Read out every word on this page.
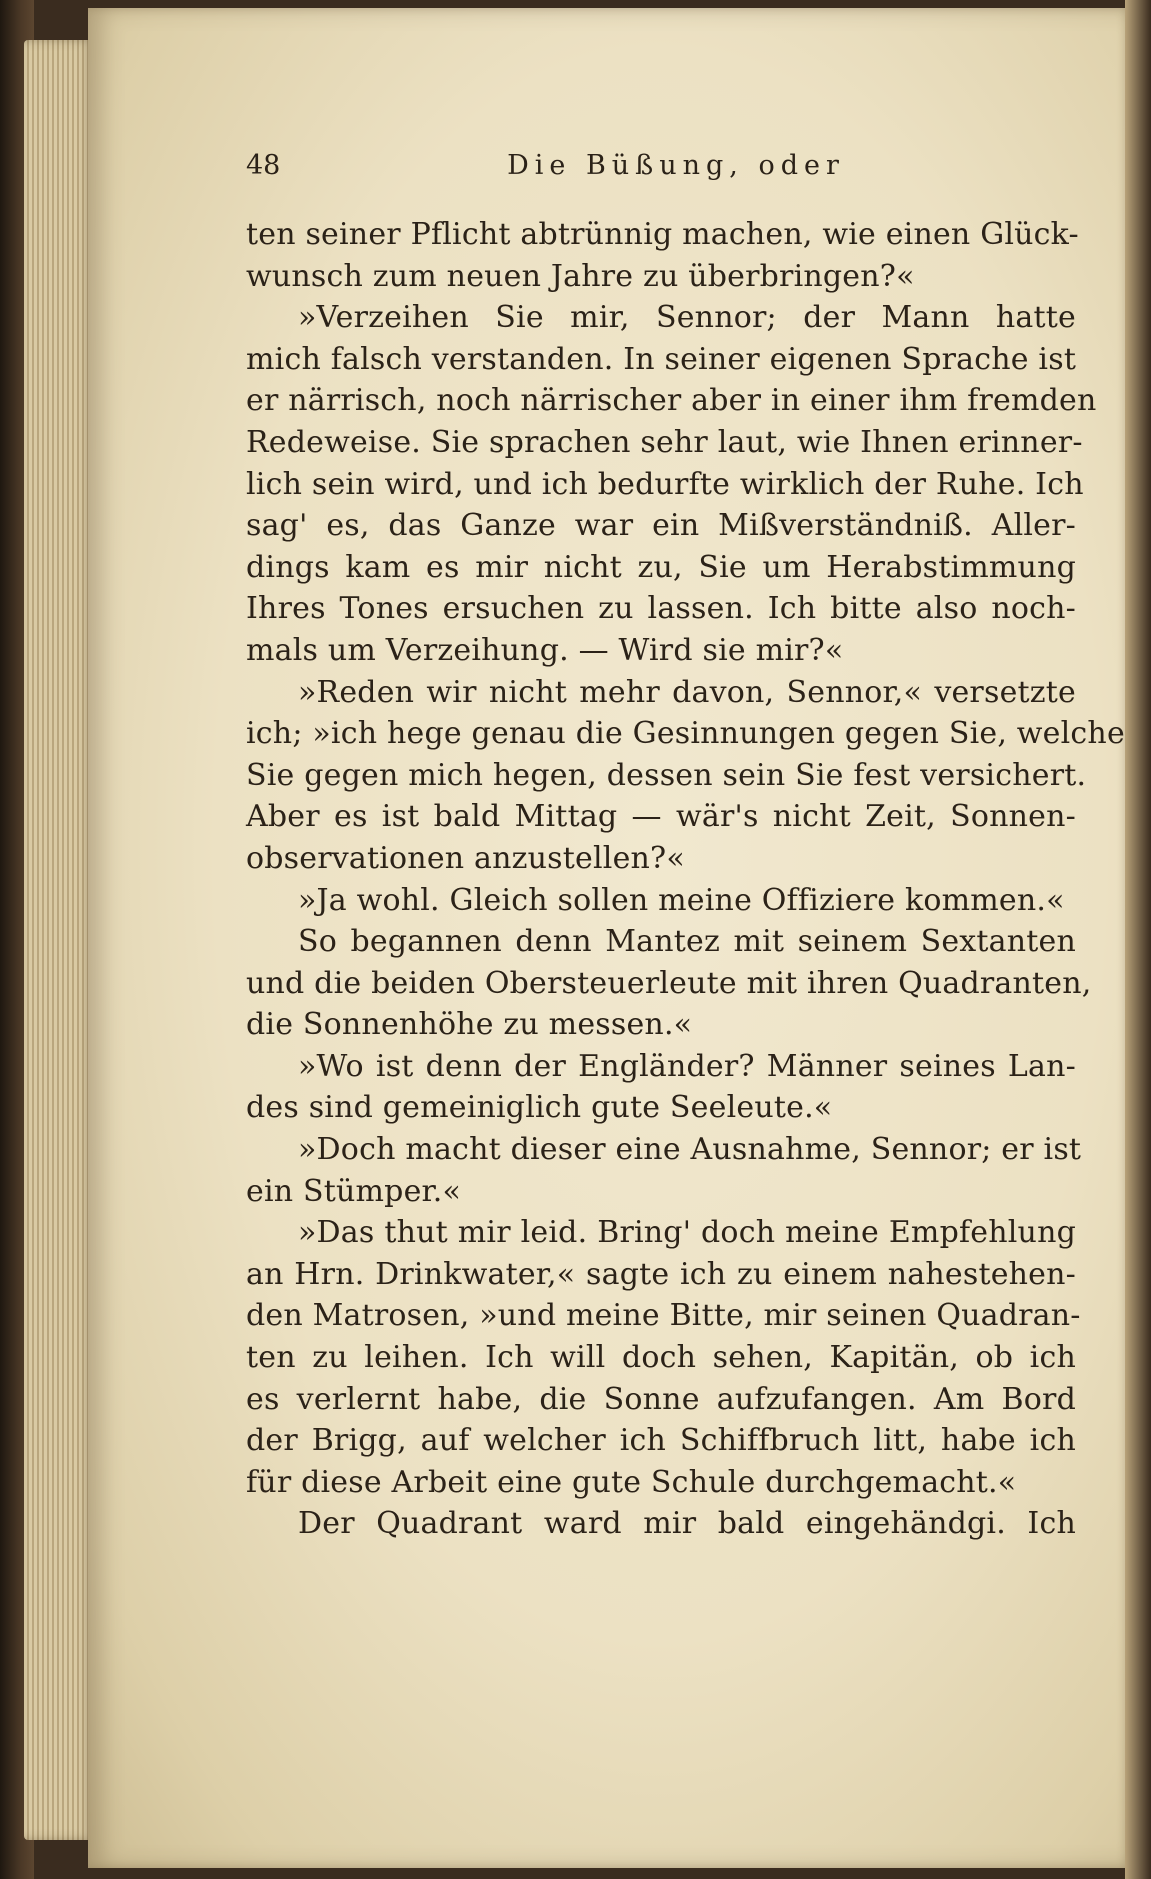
48	Die Büßung, oder
ten seiner Pflicht abtrünnig machen, wie einen Glück-
wunsch zum neuen Jahre zu überbringen?«
»Verzeihen Sie mir, Sennor; der Mann hatte
mich falsch verstanden. In seiner eigenen Sprache ist
er närrisch, noch närrischer aber in einer ihm fremden
Redeweise. Sie sprachen sehr laut, wie Ihnen erinner-
lich sein wird, und ich bedurfte wirklich der Ruhe. Ich
sag' es, das Ganze war ein Mißverständniß. Aller-
dings kam es mir nicht zu, Sie um Herabstimmung
Ihres Tones ersuchen zu lassen. Ich bitte also noch-
mals um Verzeihung. — Wird sie mir?«
»Reden wir nicht mehr davon, Sennor,« versetzte
ich; »ich hege genau die Gesinnungen gegen Sie, welche
Sie gegen mich hegen, dessen sein Sie fest versichert.
Aber es ist bald Mittag — wär's nicht Zeit, Sonnen-
observationen anzustellen?«
»Ja wohl. Gleich sollen meine Offiziere kommen.«
So begannen denn Mantez mit seinem Sextanten
und die beiden Obersteuerleute mit ihren Quadranten,
die Sonnenhöhe zu messen.«
»Wo ist denn der Engländer? Männer seines Lan-
des sind gemeiniglich gute Seeleute.«
»Doch macht dieser eine Ausnahme, Sennor; er ist
ein Stümper.«
»Das thut mir leid. Bring' doch meine Empfehlung
an Hrn. Drinkwater,« sagte ich zu einem nahestehen-
den Matrosen, »und meine Bitte, mir seinen Quadran-
ten zu leihen. Ich will doch sehen, Kapitän, ob ich
es verlernt habe, die Sonne aufzufangen. Am Bord
der Brigg, auf welcher ich Schiffbruch litt, habe ich
für diese Arbeit eine gute Schule durchgemacht.«
Der Quadrant ward mir bald eingehändgi. Ich
